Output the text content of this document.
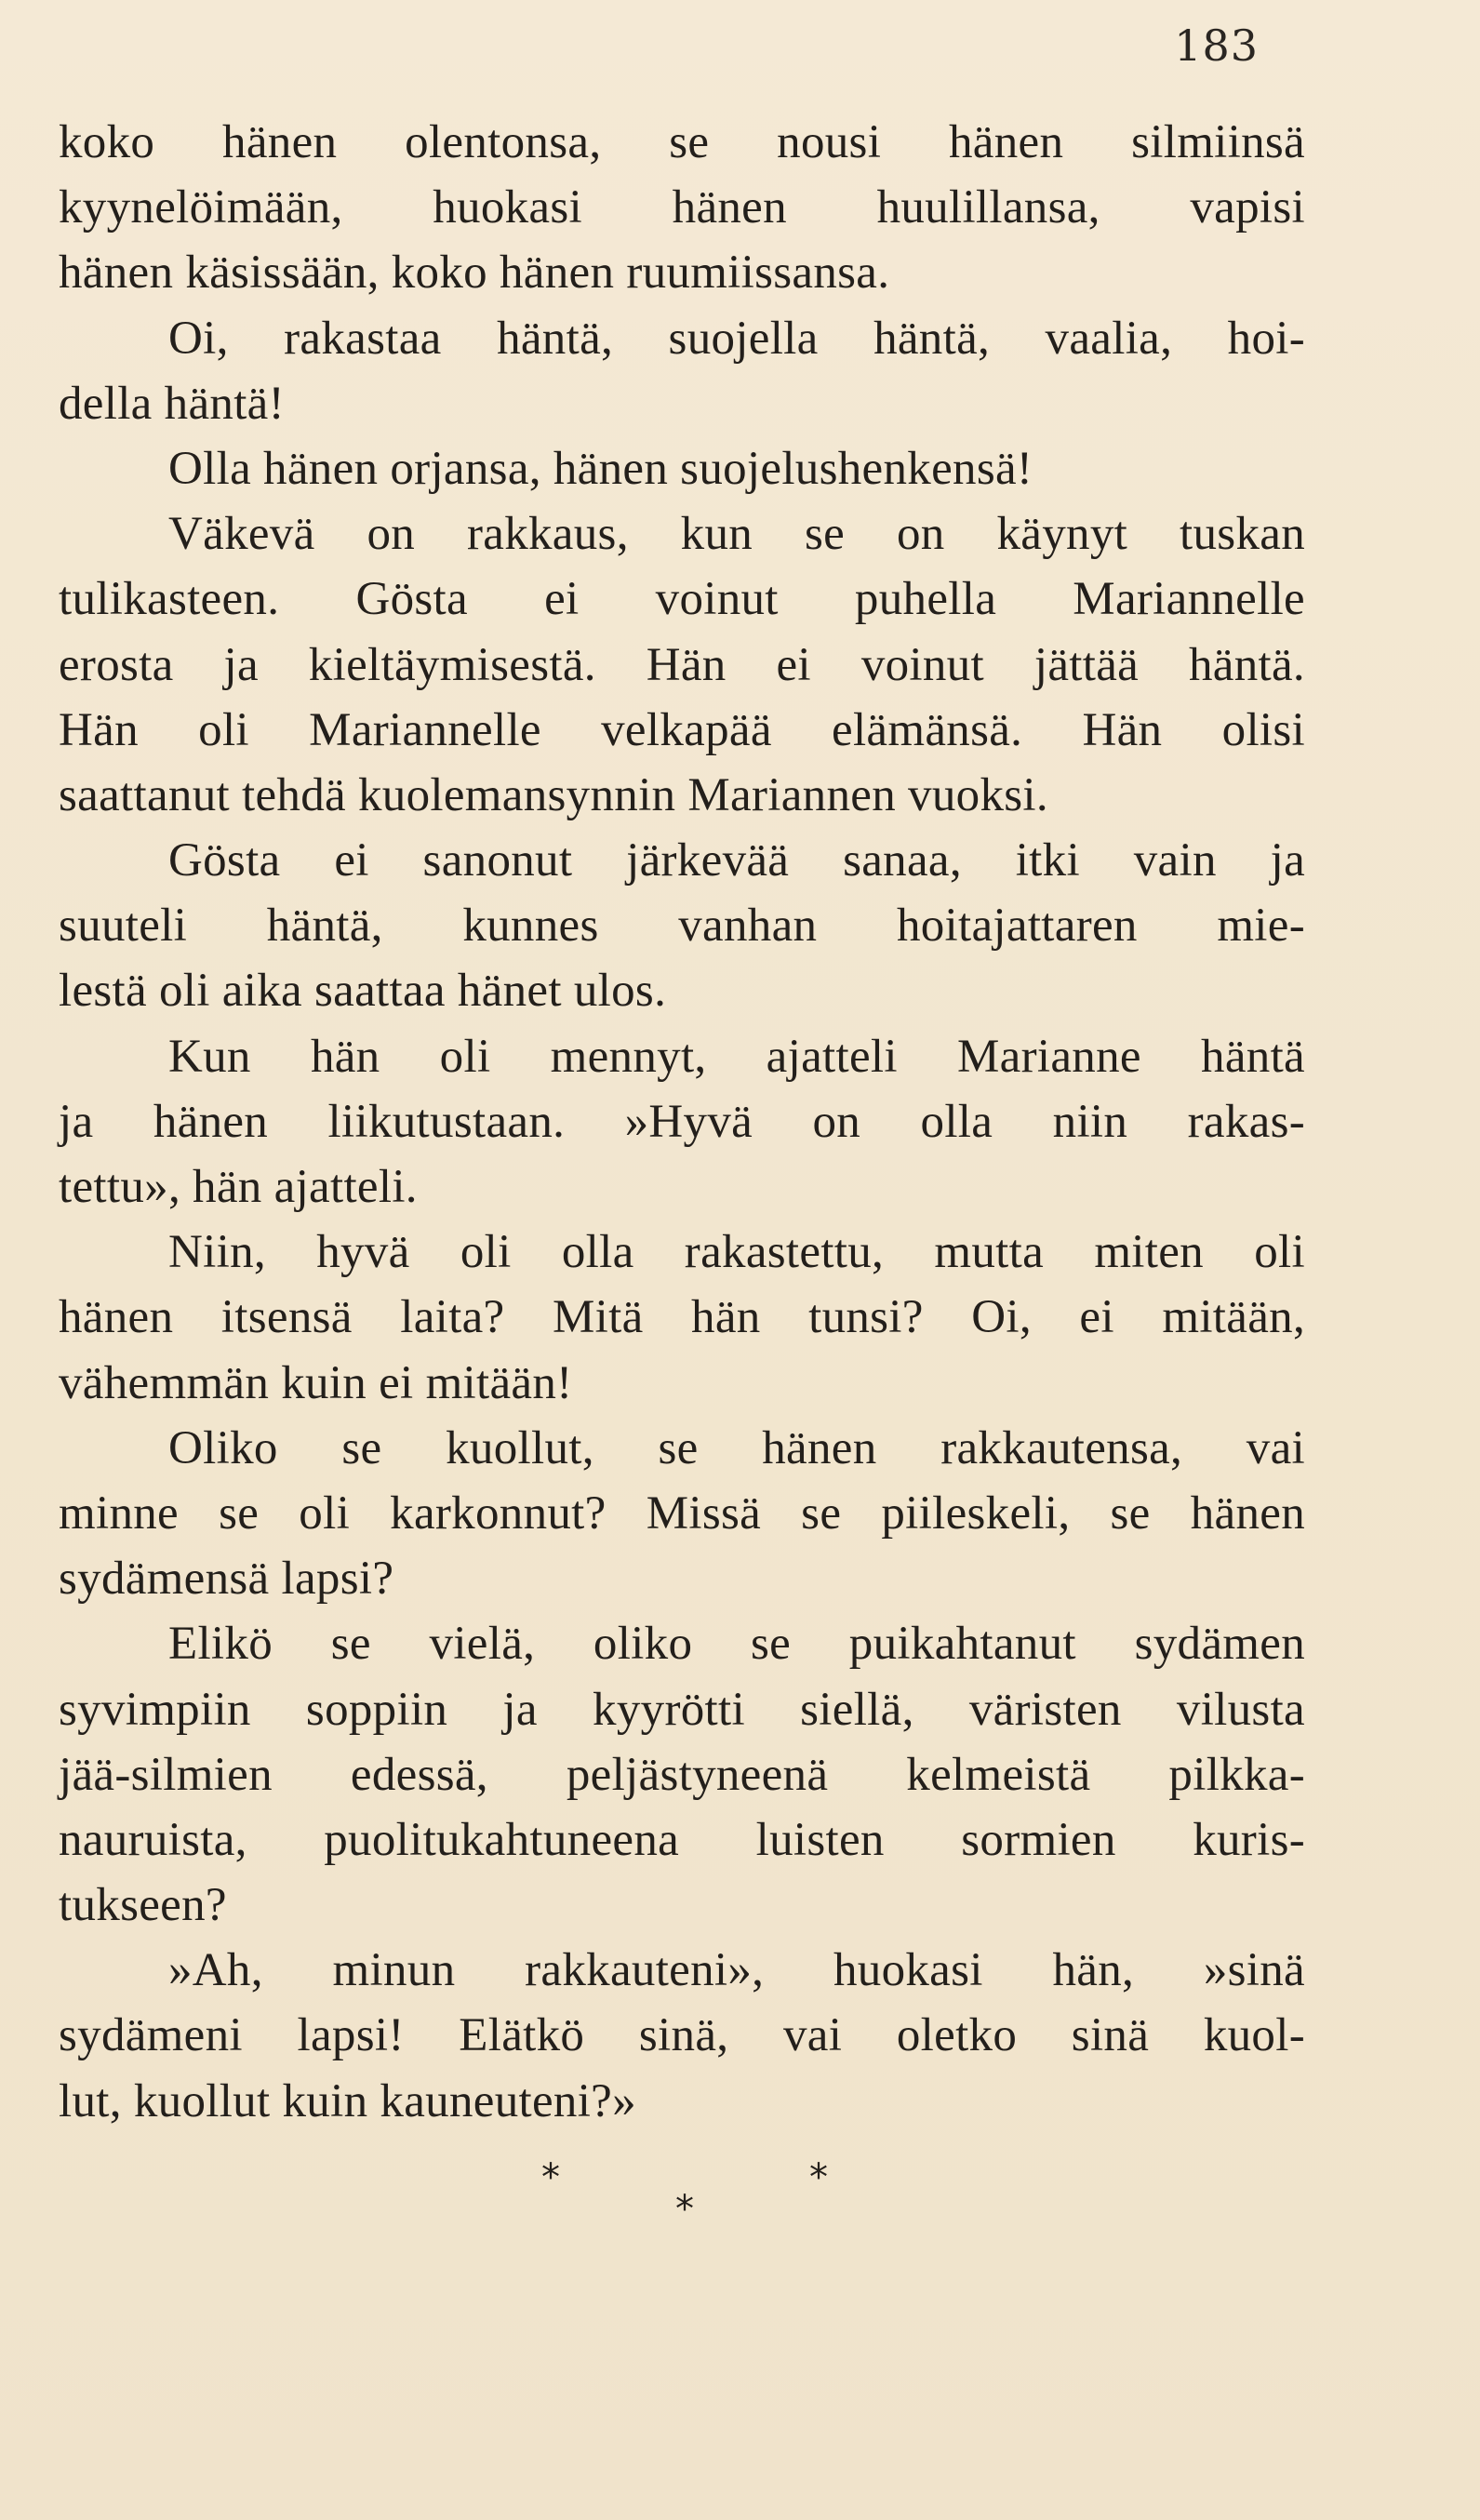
183
koko hänen olentonsa, se nousi hänen silmiinsä
kyynelöimään, huokasi hänen huulillansa, vapisi
hänen käsissään, koko hänen ruumiissansa.
Oi, rakastaa häntä, suojella häntä, vaalia, hoi-
della häntä!
Olla hänen orjansa, hänen suojelushenkensä!
Väkevä on rakkaus, kun se on käynyt tuskan
tulikasteen. Gösta ei voinut puhella Mariannelle
erosta ja kieltäymisestä. Hän ei voinut jättää häntä.
Hän oli Mariannelle velkapää elämänsä. Hän olisi
saattanut tehdä kuolemansynnin Mariannen vuoksi.
Gösta ei sanonut järkevää sanaa, itki vain ja
suuteli häntä, kunnes vanhan hoitajattaren mie-
lestä oli aika saattaa hänet ulos.
Kun hän oli mennyt, ajatteli Marianne häntä
ja hänen liikutustaan. »Hyvä on olla niin rakas-
tettu», hän ajatteli.
Niin, hyvä oli olla rakastettu, mutta miten oli
hänen itsensä laita? Mitä hän tunsi? Oi, ei mitään,
vähemmän kuin ei mitään!
Oliko se kuollut, se hänen rakkautensa, vai
minne se oli karkonnut? Missä se piileskeli, se hänen
sydämensä lapsi?
Elikö se vielä, oliko se puikahtanut sydämen
syvimpiin soppiin ja kyyrötti siellä, väristen vilusta
jää-silmien edessä, peljästyneenä kelmeistä pilkka-
nauruista, puolitukahtuneena luisten sormien kuris-
tukseen?
»Ah, minun rakkauteni», huokasi hän, »sinä
sydämeni lapsi! Elätkö sinä, vai oletko sinä kuol-
lut, kuollut kuin kauneuteni?»
*
*
*
